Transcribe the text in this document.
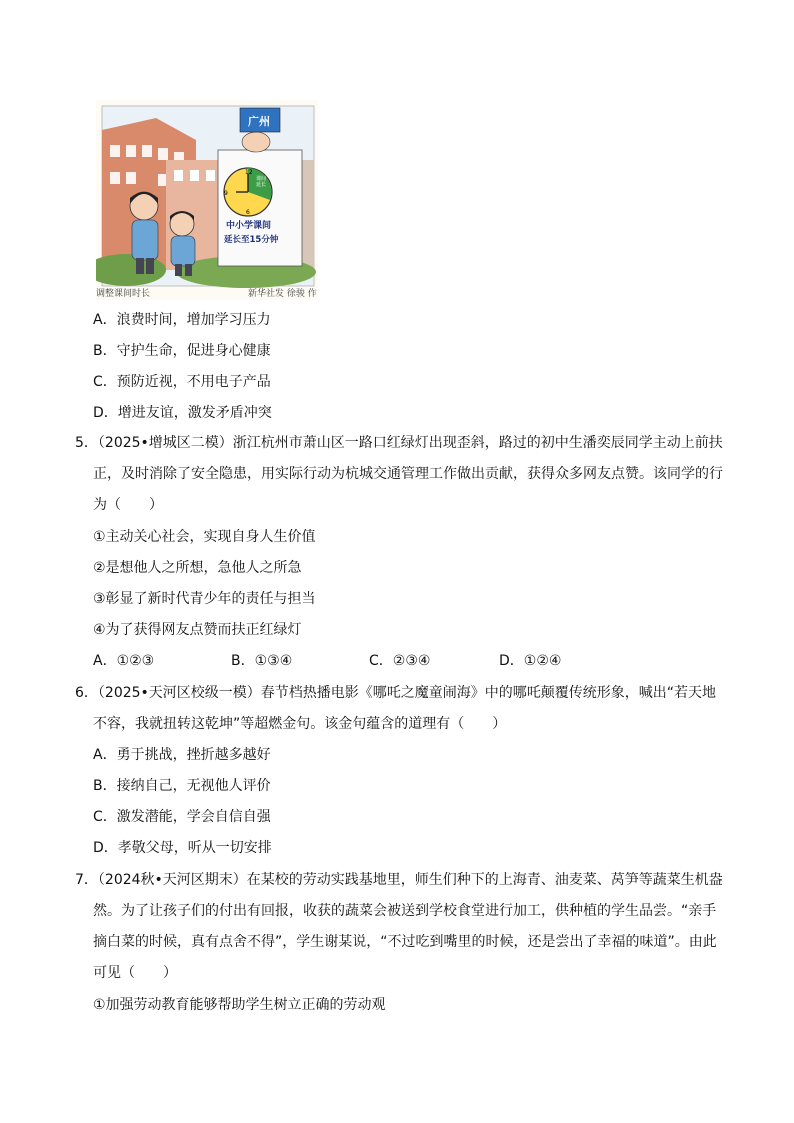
12
9
6
课间
延长
中小学课间
延长至15分钟
广州
调整课间时长	新华社发 徐骏 作
A．浪费时间，增加学习压力
B．守护生命，促进身心健康
C．预防近视，不用电子产品
D．增进友谊，激发矛盾冲突
5．（2025•增城区二模）浙江杭州市萧山区一路口红绿灯出现歪斜，路过的初中生潘奕辰同学主动上前扶
正，及时消除了安全隐患，用实际行动为杭城交通管理工作做出贡献，获得众多网友点赞。该同学的行
为（　　）
①主动关心社会，实现自身人生价值
②是想他人之所想，急他人之所急
③彰显了新时代青少年的责任与担当
④为了获得网友点赞而扶正红绿灯
A．①②③	B．①③④	C．②③④	D．①②④
6．（2025•天河区校级一模）春节档热播电影《哪吒之魔童闹海》中的哪吒颠覆传统形象，喊出“若天地
不容，我就扭转这乾坤”等超燃金句。该金句蕴含的道理有（　　）
A．勇于挑战，挫折越多越好
B．接纳自己，无视他人评价
C．激发潜能，学会自信自强
D．孝敬父母，听从一切安排
7．（2024秋•天河区期末）在某校的劳动实践基地里，师生们种下的上海青、油麦菜、莴笋等蔬菜生机盎
然。为了让孩子们的付出有回报，收获的蔬菜会被送到学校食堂进行加工，供种植的学生品尝。“亲手
摘白菜的时候，真有点舍不得”，学生谢某说，“不过吃到嘴里的时候，还是尝出了幸福的味道”。由此
可见（　　）
①加强劳动教育能够帮助学生树立正确的劳动观
